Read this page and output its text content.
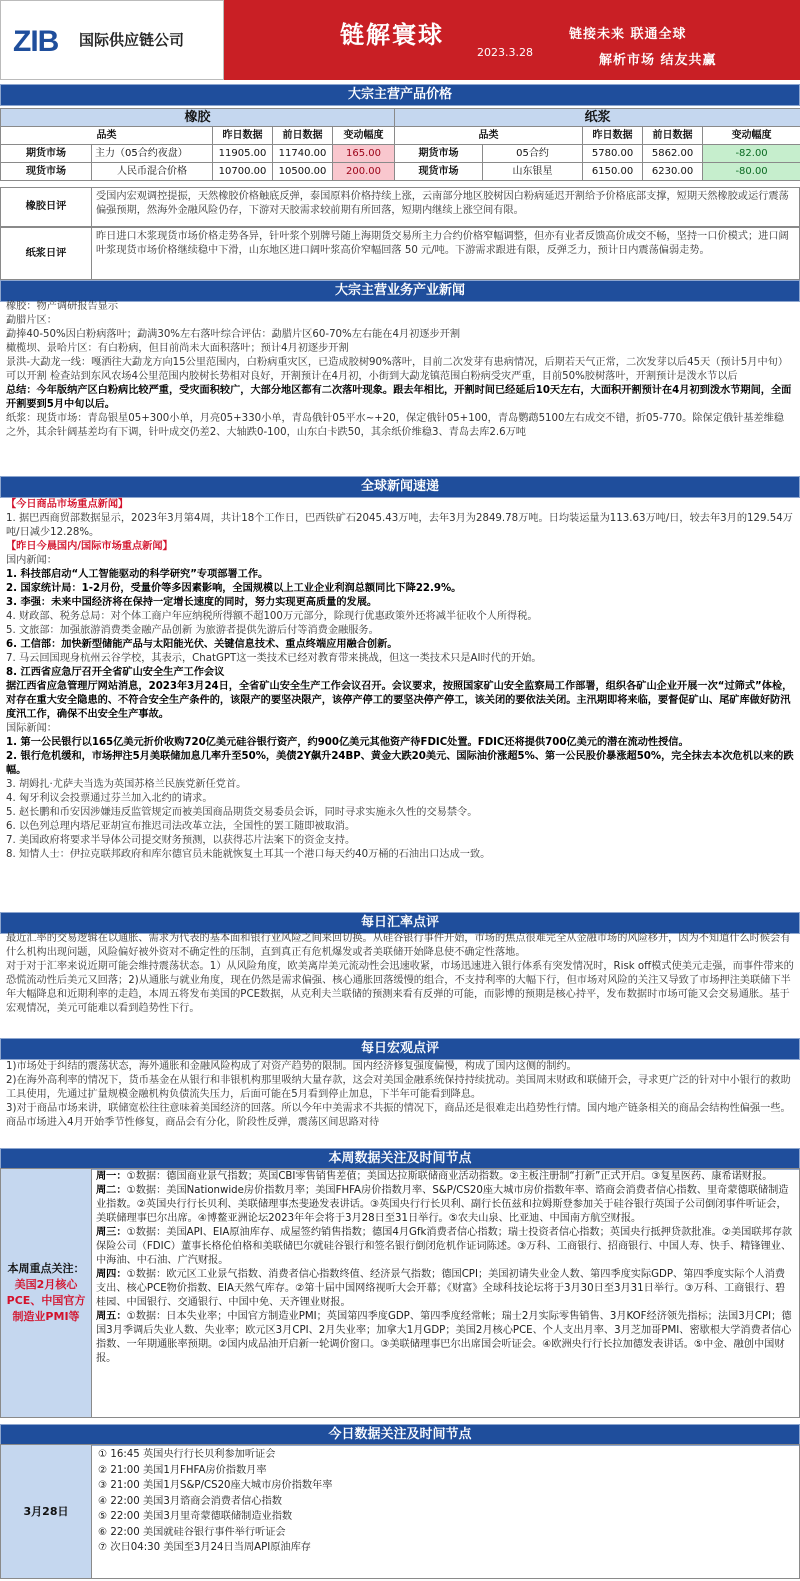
ZIB 国际供应链公司	链解寰球
2023.3.28
链接未来 联通全球
解析市场 结友共赢
大宗主营产品价格
橡胶					纸浆				
品类		昨日数据	前日数据	变动幅度	品类		昨日数据	前日数据	变动幅度
期货市场	主力（05合约夜盘）	11905.00	11740.00	165.00	期货市场	05合约	5780.00	5862.00	-82.00
现货市场	人民币混合价格	10700.00	10500.00	200.00	现货市场	山东银星	6150.00	6230.00	-80.00
橡胶日评
受国内宏观调控提振，天然橡胶价格触底反弹，泰国原料价格持续上涨，云南部分地区胶树因白粉病延迟开割给予价格底部支撑，短期天然橡胶或运行震荡偏强预期，然海外金融风险仍存，下游对天胶需求较前期有所回落，短期内继续上涨空间有限。
纸浆日评
昨日进口木浆现货市场价格走势各异，针叶浆个别牌号随上海期货交易所主力合约价格窄幅调整，但亦有业者反馈高价成交不畅，坚持一口价模式；进口阔叶浆现货市场价格继续稳中下滑，山东地区进口阔叶浆高价窄幅回落 50 元/吨。下游需求跟进有限，反弹乏力，预计日内震荡偏弱走势。
大宗主营业务产业新闻

橡胶：物产调研报告显示

勐腊片区：

勐捧40-50%因白粉病落叶；勐满30%左右落叶综合评估：勐腊片区60-70%左右能在4月初逐步开割

橄榄坝、景哈片区：有白粉病，但目前尚未大面积落叶；预计4月初逐步开割

景洪-大勐龙一线：嘎洒往大勐龙方向15公里范围内，白粉病重灾区，已造成胶树90%落叶，目前二次发芽有患病情况，后期若天气正常，二次发芽以后45天（预计5月中旬）可以开割 检查站到东风农场4公里范围内胶树长势相对良好，开割预计在4月初，小街到大勐龙镇范围白粉病受灾严重，目前50%胶树落叶，开割预计是泼水节以后

总结：今年版纳产区白粉病比较严重，受灾面积较广，大部分地区都有二次落叶现象。跟去年相比，开割时间已经延后10天左右，大面积开割预计在4月初到泼水节期间，全面开割要到5月中旬以后。

纸浆：现货市场：青岛银星05+300小单，月亮05+330小单，青岛俄针05平水~+20，保定俄针05+100，青岛鹦鹉5100左右成交不错，折05-770。除保定俄针基差维稳之外，其余针阔基差均有下调，针叶成交仍差2、大轴跌0-100，山东白卡跌50，其余纸价维稳3、青岛去库2.6万吨

全球新闻速递

【今日商品市场重点新闻】

1. 据巴西商贸部数据显示，2023年3月第4周，共计18个工作日，巴西铁矿石2045.43万吨，去年3月为2849.78万吨。日均装运量为113.63万吨/日，较去年3月的129.54万吨/日减少12.28%。

【昨日今晨国内/国际市场重点新闻】

国内新闻：

1. 科技部启动“人工智能驱动的科学研究”专项部署工作。

2. 国家统计局：1-2月份，受量价等多因素影响，全国规模以上工业企业利润总额同比下降22.9%。

3. 李强：未来中国经济将在保持一定增长速度的同时，努力实现更高质量的发展。

4. 财政部、税务总局：对个体工商户年应纳税所得额不超100万元部分，除现行优惠政策外还将减半征收个人所得税。

5. 文旅部：加强旅游消费类金融产品创新 为旅游者提供先游后付等消费金融服务。

6. 工信部：加快新型储能产品与太阳能光伏、关键信息技术、重点终端应用融合创新。

7. 马云回国现身杭州云谷学校，其表示，ChatGPT这一类技术已经对教育带来挑战，但这一类技术只是AI时代的开始。

8. 江西省应急厅召开全省矿山安全生产工作会议

据江西省应急管理厅网站消息，2023年3月24日，全省矿山安全生产工作会议召开。会议要求，按照国家矿山安全监察局工作部署，组织各矿山企业开展一次“过筛式”体检，对存在重大安全隐患的、不符合安全生产条件的，该限产的要坚决限产，该停产停工的要坚决停产停工，该关闭的要依法关闭。主汛期即将来临，要督促矿山、尾矿库做好防汛度汛工作，确保不出安全生产事故。

国际新闻：

1. 第一公民银行以165亿美元折价收购720亿美元硅谷银行资产，约900亿美元其他资产待FDIC处置。FDIC还将提供700亿美元的潜在流动性授信。

2. 银行危机缓和，市场押注5月美联储加息几率升至50%，美债2Y飙升24BP、黄金大跌20美元、国际油价涨超5%、第一公民股价暴涨超50%，完全抹去本次危机以来的跌幅。

3. 胡姆扎·尤萨夫当选为英国苏格兰民族党新任党首。

4. 匈牙利议会投票通过芬兰加入北约的请求。

5. 赵长鹏和币安因涉嫌违反监管规定而被美国商品期货交易委员会诉，同时寻求实施永久性的交易禁令。

6. 以色列总理内塔尼亚胡宣布推迟司法改革立法，全国性的罢工随即被取消。

7. 美国政府将要求半导体公司提交财务预测，以获得芯片法案下的资金支持。

8. 知情人士：伊拉克联邦政府和库尔德官员未能就恢复土耳其一个港口每天约40万桶的石油出口达成一致。

每日汇率点评

最近汇率的交易逻辑在以通胀、需求为代表的基本面和银行业风险之间来回切换。从硅谷银行事件开始，市场的焦点很难完全从金融市场的风险移开，因为不知道什么时候会有什么机构出现问题，风险偏好被外资对不确定性的压制，直到真正有危机爆发或者美联储开始降息使不确定性落地。

对于对于汇率来说近期可能会维持震荡状态。1）从风险角度，欧美离岸美元流动性会迅速收紧，市场迅速进入银行体系有突发情况时，Risk off模式使美元走强，而事件带来的恐慌流动性后美元又回落；2)从通胀与就业角度，现在仍然是需求偏强、核心通胀回落缓慢的组合，不支持利率的大幅下行，但市场对风险的关注又导致了市场押注美联储下半年大幅降息和近期利率的走趋，本周五将发布美国的PCE数据，从克利夫兰联储的预测来看有反弹的可能，而影博的预期是核心持平，发布数据时市场可能又会交易通胀。基于宏观情况，美元可能难以看到趋势性下行。

每日宏观点评

1)市场处于纠结的震荡状态，海外通胀和金融风险构成了对资产趋势的限制。国内经济修复强度偏慢，构成了国内这侧的制约。

2)在海外高利率的情况下，货币基金在从银行和非银机构那里吸纳大量存款，这会对美国金融系统保持持续扰动。美国周末财政和联储开会，寻求更广泛的针对中小银行的救助工具使用，先通过扩量规模金融机构负债流失压力，后面可能在5月看到停止加息，下半年可能看到降息。

3)对于商品市场来讲，联储宽松往往意味着美国经济的回落。所以今年中美需求不共振的情况下，商品还是很难走出趋势性行情。国内地产链条相关的商品会结构性偏强一些。商品市场进入4月开始季节性修复，商品会有分化，阶段性反弹，震荡区间思路对待

本周数据关注及时间节点
本周重点关注：
美国2月核心PCE、中国官方制造业PMI等

周一：①数据：德国商业景气指数；英国CBI零售销售差值；美国达拉斯联储商业活动指数。②主板注册制“打新”正式开启。③复星医药、康希诺财报。

周二：①数据：美国Nationwide房价指数月率；美国FHFA房价指数月率、S&P/CS20座大城市房价指数年率、谘商会消费者信心指数、里奇蒙德联储制造业指数。②英国央行行长贝利、美联储理事杰斐逊发表讲话。③英国央行行长贝利、副行长伍兹和拉姆斯登参加关于硅谷银行英国子公司倒闭事件听证会，美联储理事巴尔出席。④博鳌亚洲论坛2023年年会将于3月28日至31日举行。⑤农夫山泉、比亚迪、中国南方航空财报。

周三：①数据：美国API、EIA原油库存、成屋签约销售指数；德国4月Gfk消费者信心指数；瑞士投资者信心指数；英国央行抵押贷款批准。②美国联邦存款保险公司（FDIC）董事长格伦伯格和美联储巴尔就硅谷银行和签名银行倒闭危机作证词陈述。③万科、工商银行、招商银行、中国人寿、快手、精锋锂业、中海油、中石油、广汽财报。

周四：①数据：欧元区工业景气指数、消费者信心指数终值、经济景气指数；德国CPI；美国初请失业金人数、第四季度实际GDP、第四季度实际个人消费支出、核心PCE物价指数、EIA天然气库存。②第十届中国网络视听大会开幕；《财富》全球科技论坛将于3月30日至3月31日举行。③万科、工商银行、碧桂园、中国银行、交通银行、中国中免、天齐锂业财报。

周五：①数据：日本失业率；中国官方制造业PMI；英国第四季度GDP、第四季度经常帐；瑞士2月实际零售销售、3月KOF经济领先指标；法国3月CPI；德国3月季调后失业人数、失业率；欧元区3月CPI、2月失业率；加拿大1月GDP；美国2月核心PCE、个人支出月率、3月芝加哥PMI、密歇根大学消费者信心指数、一年期通胀率预期。②国内成品油开启新一轮调价窗口。③美联储理事巴尔出席国会听证会。④欧洲央行行长拉加德发表讲话。⑤中金、融创中国财报。

今日数据关注及时间节点
3月28日

① 16:45 英国央行行长贝利参加听证会

② 21:00 美国1月FHFA房价指数月率

③ 21:00 美国1月S&P/CS20座大城市房价指数年率

④ 22:00 美国3月谘商会消费者信心指数

⑤ 22:00 美国3月里奇蒙德联储制造业指数

⑥ 22:00 美国就硅谷银行事件举行听证会

⑦ 次日04:30 美国至3月24日当周API原油库存
